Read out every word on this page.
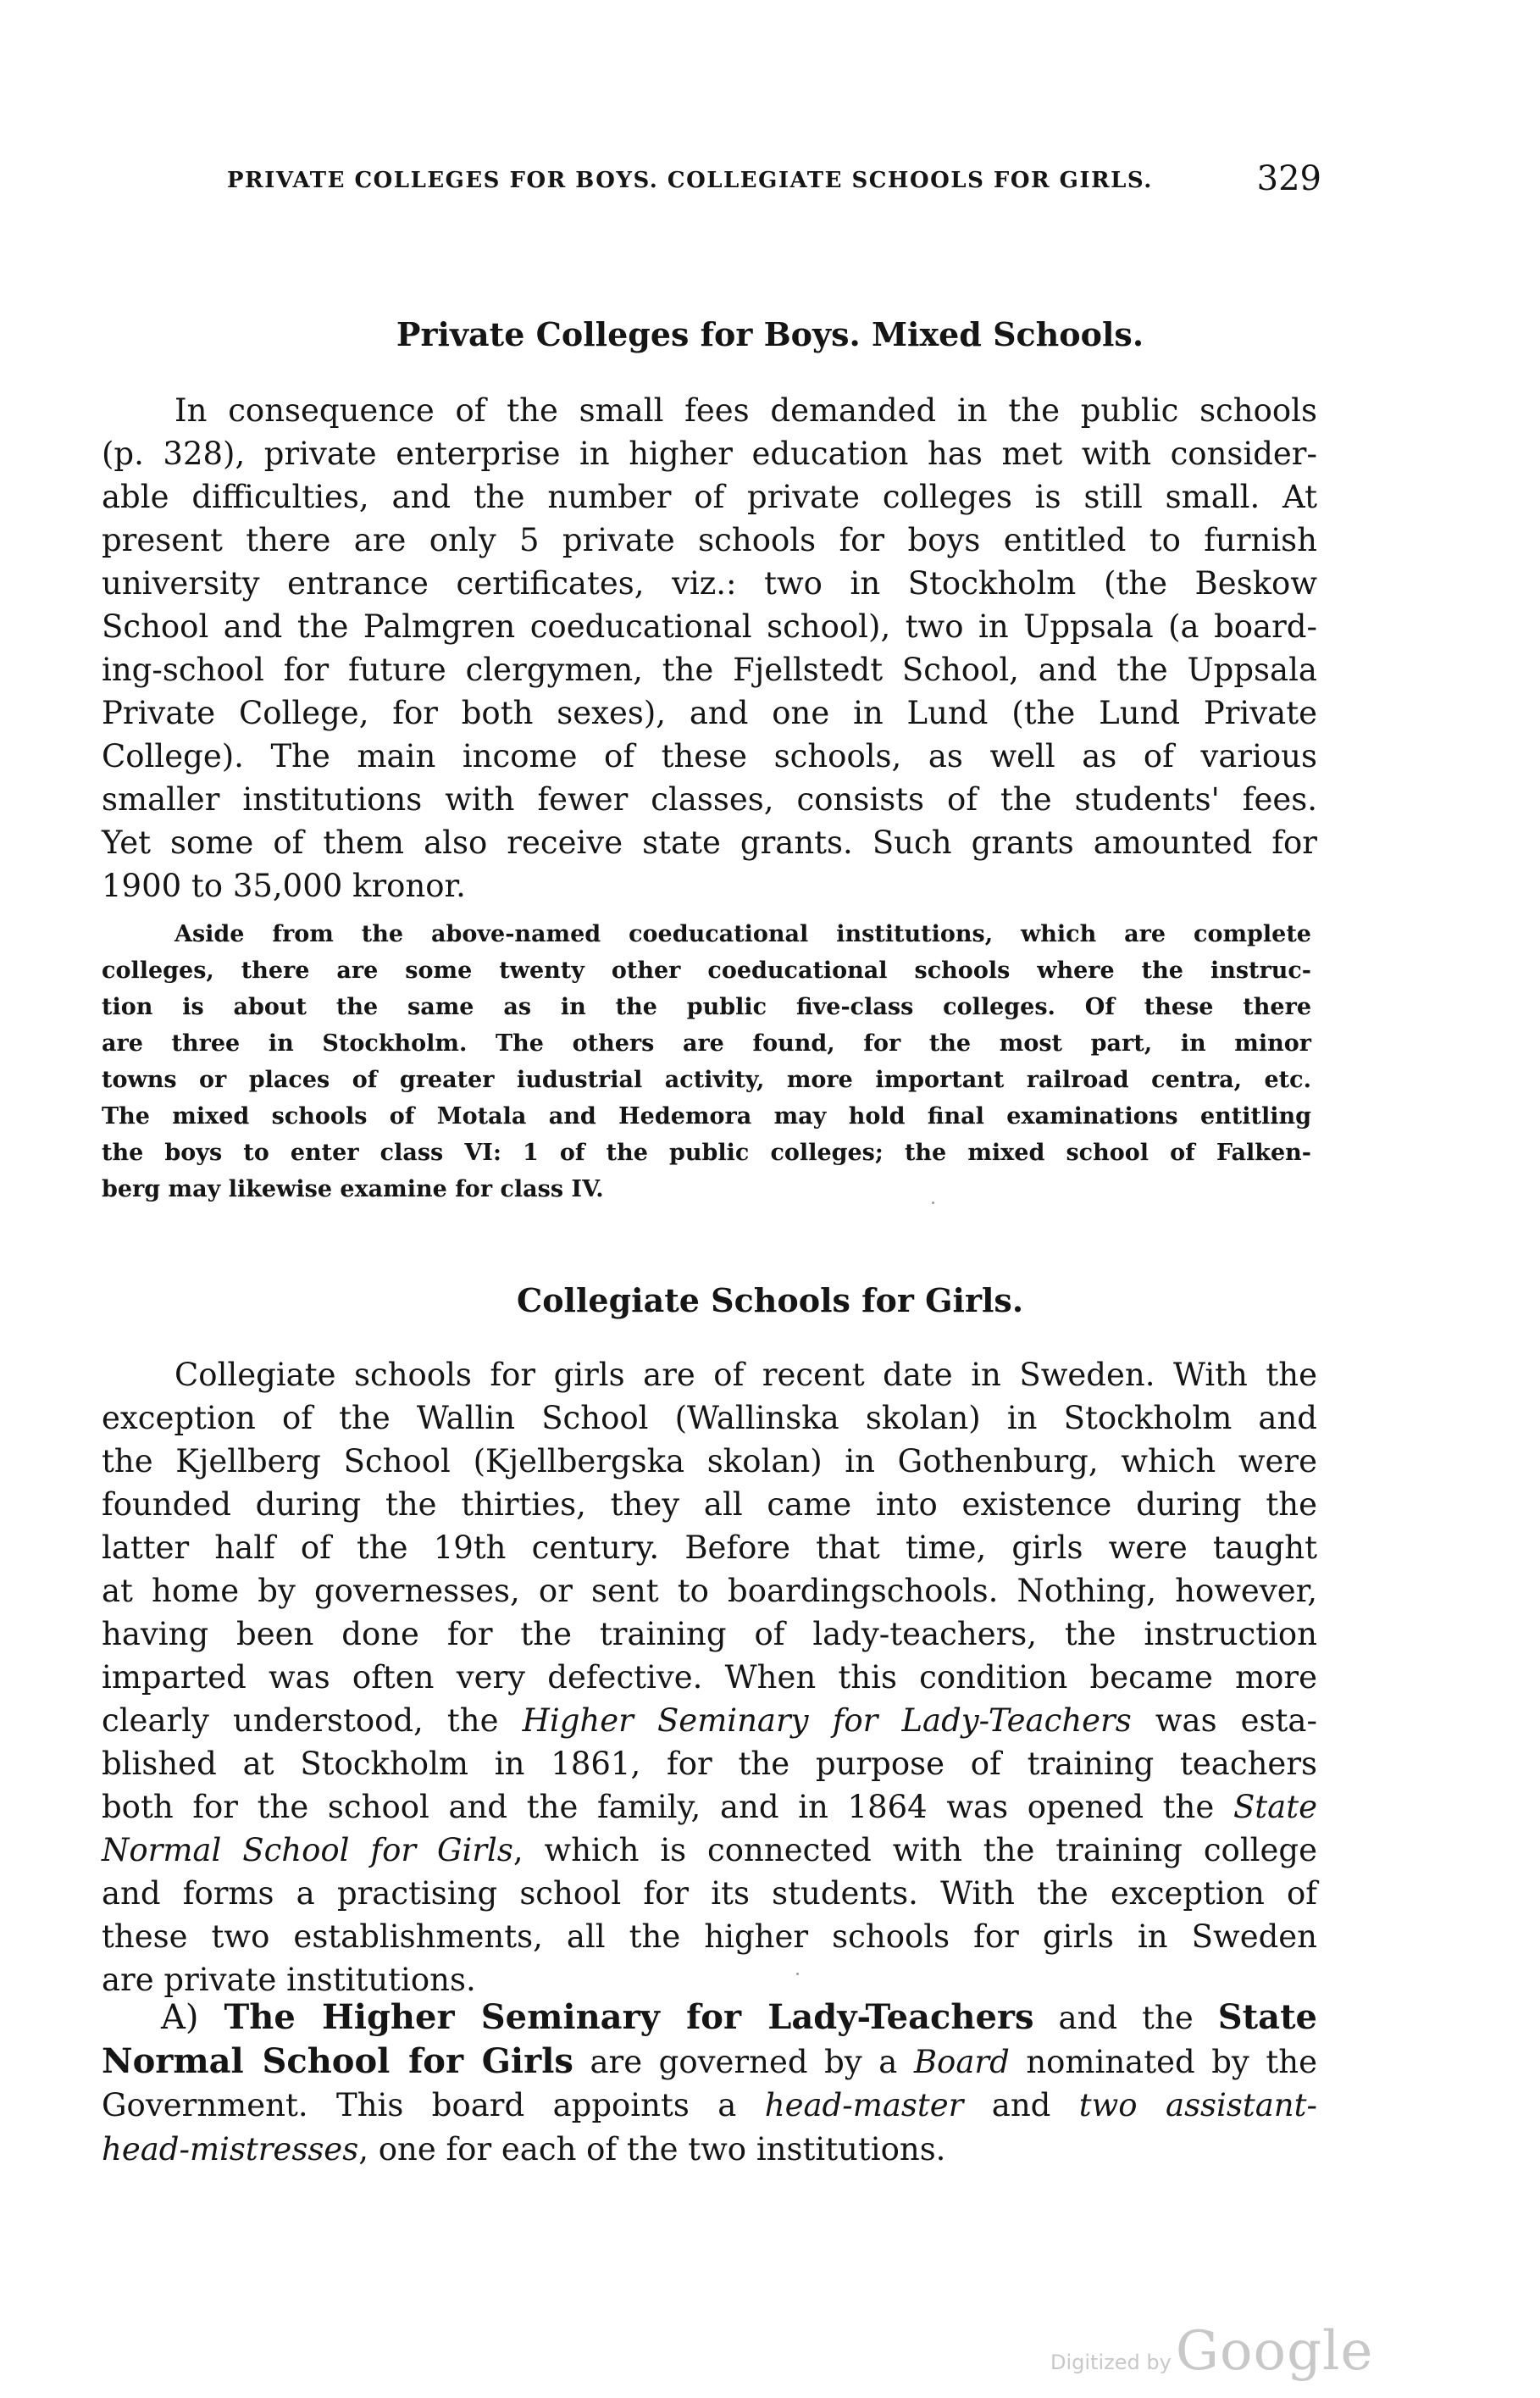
PRIVATE COLLEGES FOR BOYS. COLLEGIATE SCHOOLS FOR GIRLS.	329
Private Colleges for Boys. Mixed Schools.
In consequence of the small fees demanded in the public schools
(p. 328), private enterprise in higher education has met with consider-
able difficulties, and the number of private colleges is still small. At
present there are only 5 private schools for boys entitled to furnish
university entrance certificates, viz.: two in Stockholm (the Beskow
School and the Palmgren coeducational school), two in Uppsala (a board-
ing-school for future clergymen, the Fjellstedt School, and the Uppsala
Private College, for both sexes), and one in Lund (the Lund Private
College). The main income of these schools, as well as of various
smaller institutions with fewer classes, consists of the students' fees.
Yet some of them also receive state grants. Such grants amounted for
1900 to 35,000 kronor.
Aside from the above-named coeducational institutions, which are complete
colleges, there are some twenty other coeducational schools where the instruc-
tion is about the same as in the public five-class colleges. Of these there
are three in Stockholm. The others are found, for the most part, in minor
towns or places of greater iudustrial activity, more important railroad centra, etc.
The mixed schools of Motala and Hedemora may hold final examinations entitling
the boys to enter class VI: 1 of the public colleges; the mixed school of Falken-
berg may likewise examine for class IV.
Collegiate Schools for Girls.
Collegiate schools for girls are of recent date in Sweden. With the
exception of the Wallin School (Wallinska skolan) in Stockholm and
the Kjellberg School (Kjellbergska skolan) in Gothenburg, which were
founded during the thirties, they all came into existence during the
latter half of the 19th century. Before that time, girls were taught
at home by governesses, or sent to boardingschools. Nothing, however,
having been done for the training of lady-teachers, the instruction
imparted was often very defective. When this condition became more
clearly understood, the Higher Seminary for Lady-Teachers was esta-
blished at Stockholm in 1861, for the purpose of training teachers
both for the school and the family, and in 1864 was opened the State
Normal School for Girls, which is connected with the training college
and forms a practising school for its students. With the exception of
these two establishments, all the higher schools for girls in Sweden
are private institutions.
A) The Higher Seminary for Lady-Teachers and the State
Normal School for Girls are governed by a Board nominated by the
Government. This board appoints a head-master and two assistant-
head-mistresses, one for each of the two institutions.
Digitized by Google
